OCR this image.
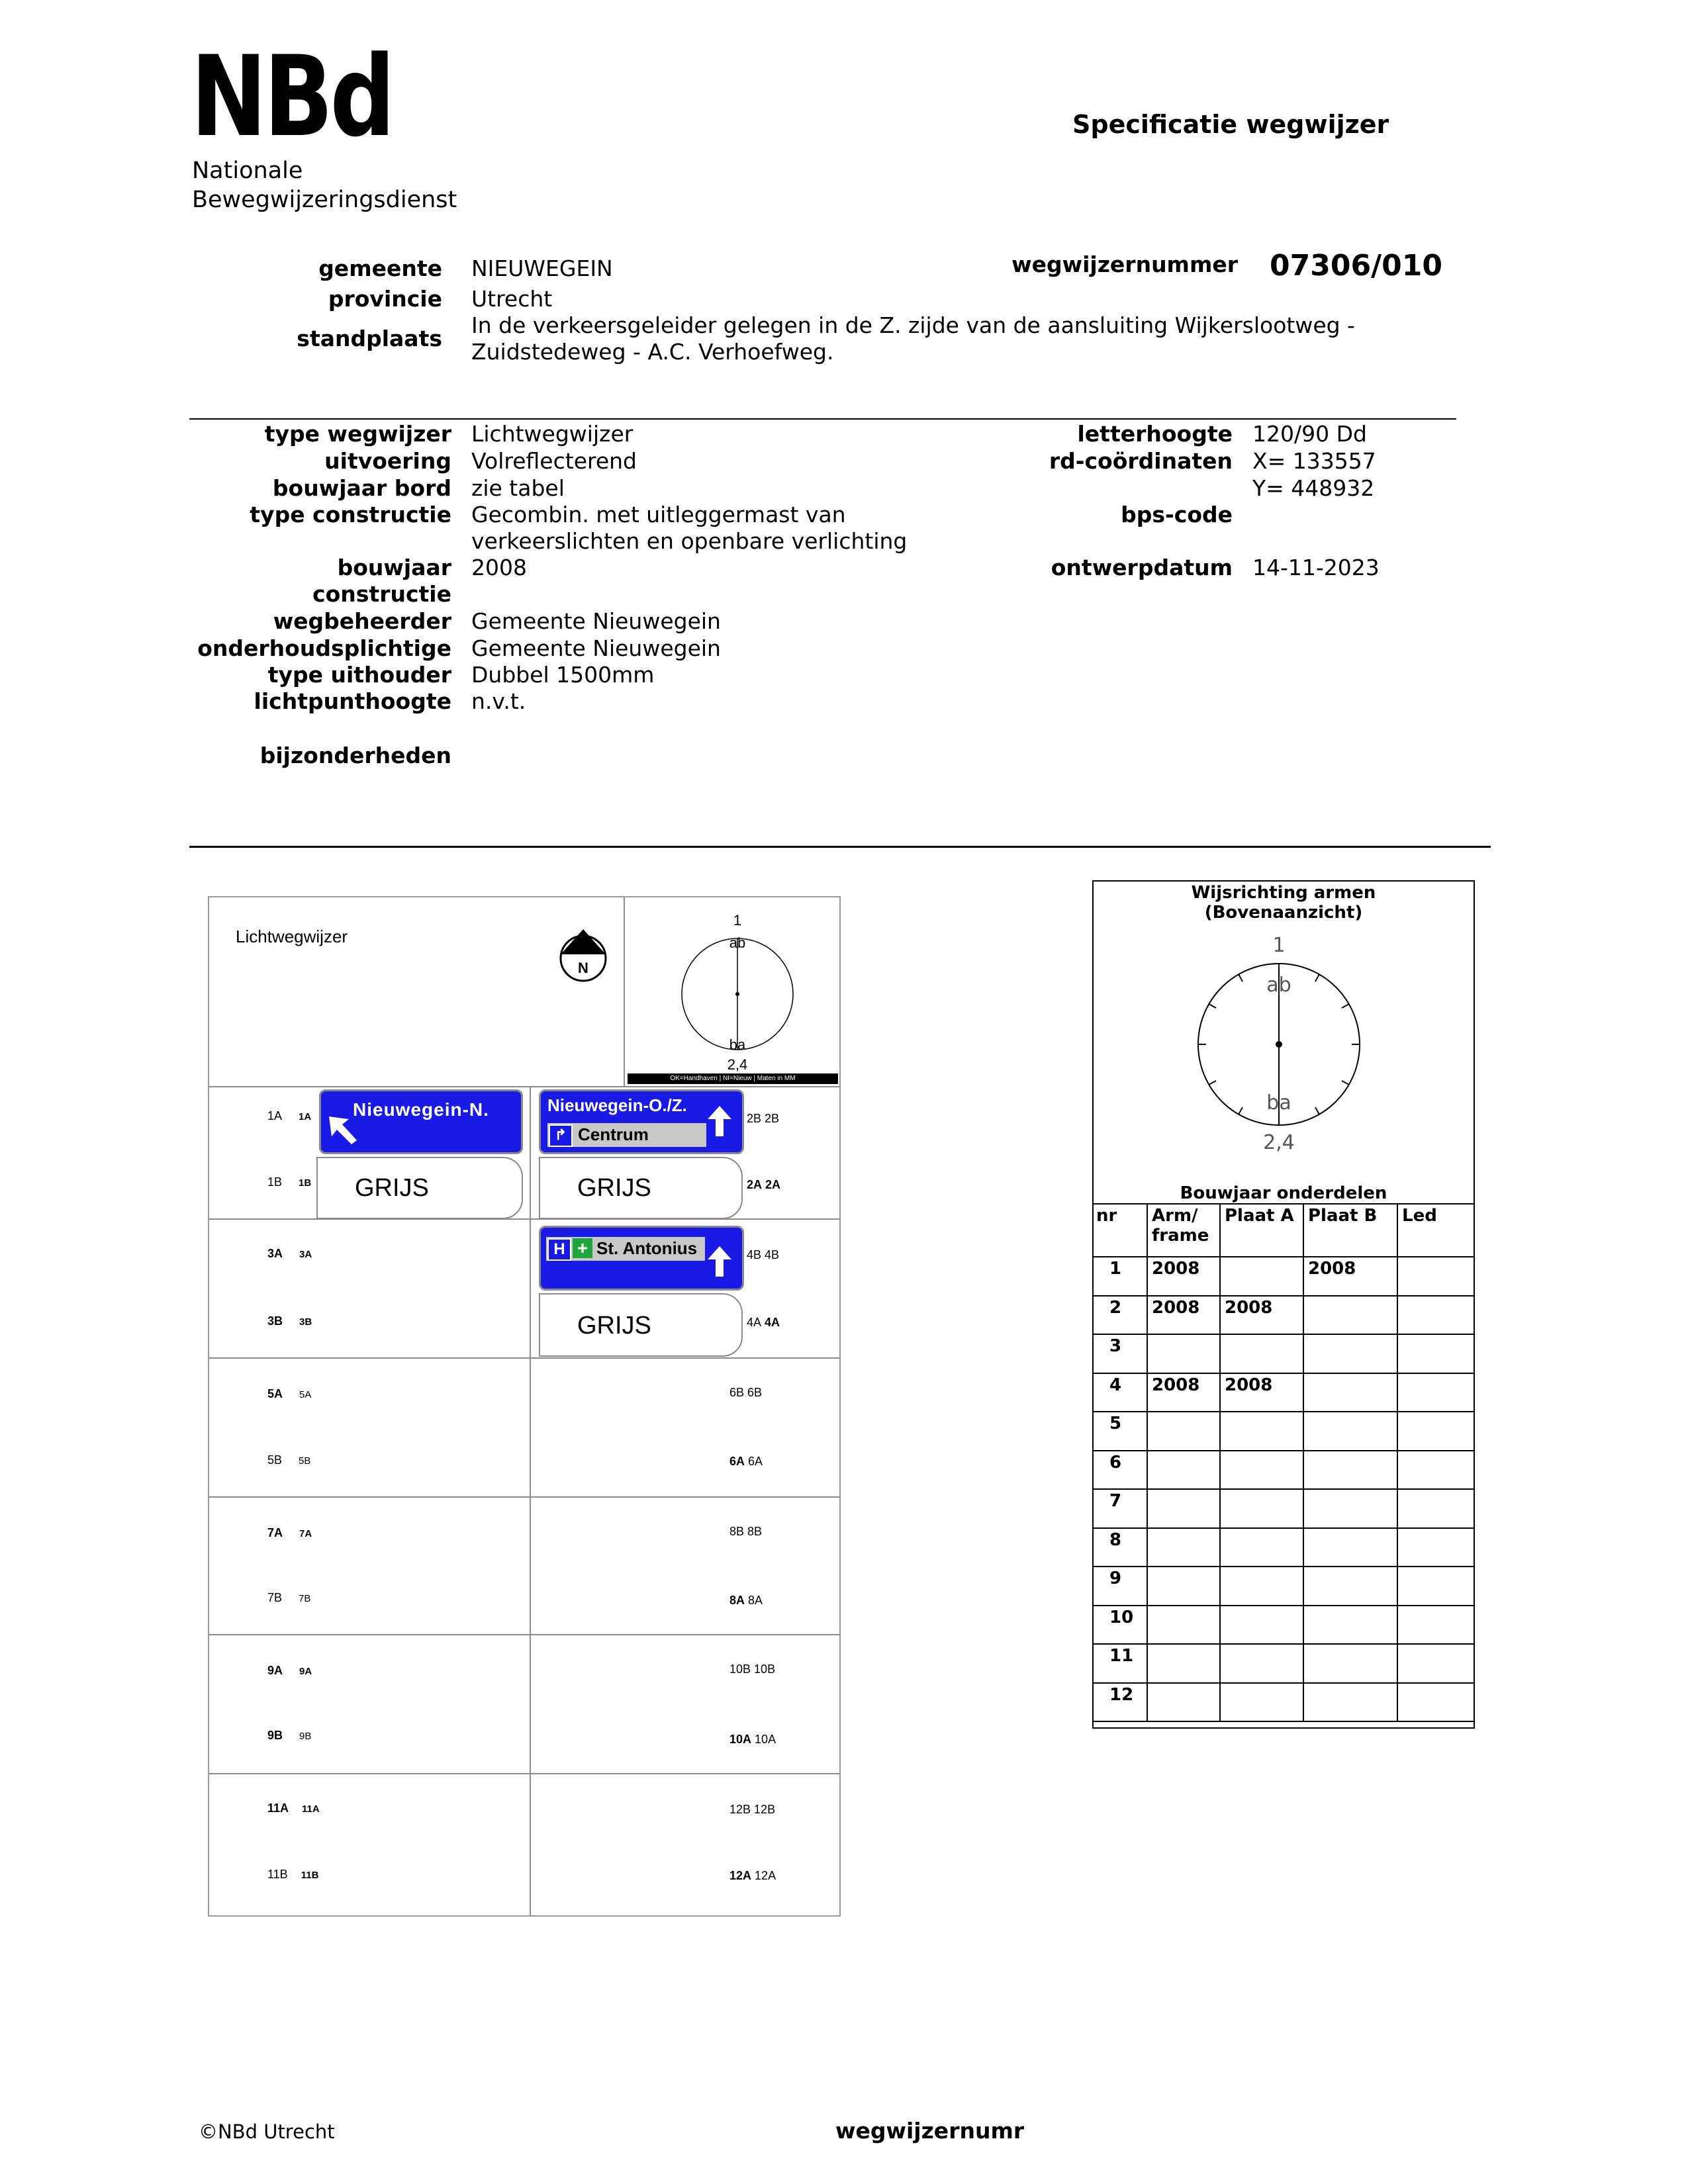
NBd
Nationale
Bewegwijzeringsdienst
Specificatie wegwijzer
gemeente NIEUWEGEIN
provincie Utrecht
standplaats
In de verkeersgeleider gelegen in de Z. zijde van de aansluiting Wijkerslootweg -
Zuidstedeweg - A.C. Verhoefweg.
wegwijzernummer 07306/010
type wegwijzer Lichtwegwijzer
uitvoering Volreflecterend
bouwjaar bord zie tabel
type constructie Gecombin. met uitleggermast van
verkeerslichten en openbare verlichting
bouwjaar
constructie
2008
wegbeheerder Gemeente Nieuwegein
onderhoudsplichtige Gemeente Nieuwegein
type uithouder Dubbel 1500mm
lichtpunthoogte n.v.t.
bijzonderheden
letterhoogte 120/90 Dd
rd-coördinaten X= 133557
Y= 448932
bps-code
ontwerpdatum 14-11-2023
Lichtwegwijzer
N
1
ab
ba
2,4
OK=Handhaven | NI=Nieuw | Maten in MM
Nieuwegein-N.	Nieuwegein-O./Z.
↱ Centrum
GRIJS	GRIJS
H + St. Antonius
GRIJS
1A 1A
1B 1B
3A 3A
3B 3B
5A 5A
5B 5B
7A 7A
7B 7B
9A 9A
9B 9B
11A 11A
11B 11B
2B 2B
2A 2A
4B 4B
4A 4A
6B 6B
6A 6A
8B 8B
8A 8A
10B 10B
10A 10A
12B 12B
12A 12A
Wijsrichting armen
(Bovenaanzicht)
1
ab
ba
2,4
Bouwjaar onderdelen
nr	Arm/ frame	Plaat A	Plaat B	Led
1	2008		2008	
2	2008	2008		
3				
4	2008	2008		
5				
6				
7				
8				
9				
10				
11				
12				
©NBd Utrecht	wegwijzernumr
